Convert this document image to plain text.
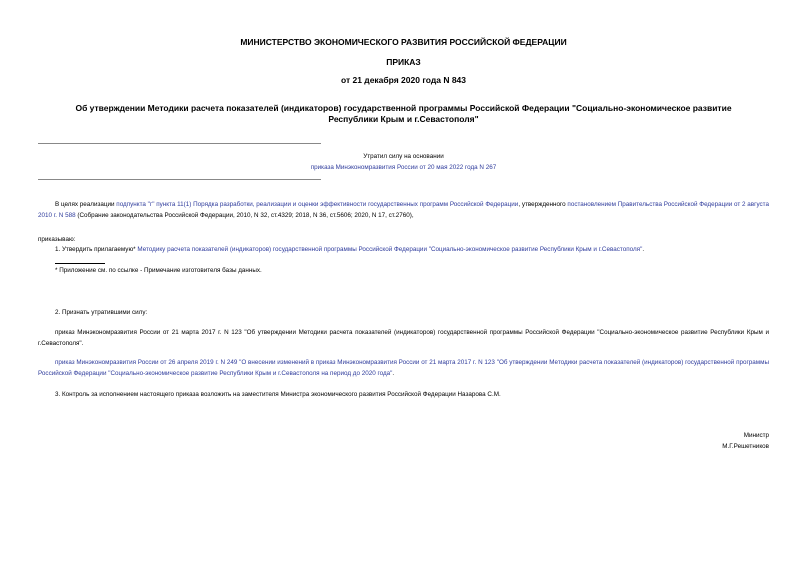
МИНИСТЕРСТВО ЭКОНОМИЧЕСКОГО РАЗВИТИЯ РОССИЙСКОЙ ФЕДЕРАЦИИ
ПРИКАЗ
от 21 декабря 2020 года N 843
Об утверждении Методики расчета показателей (индикаторов) государственной программы Российской Федерации "Социально-экономическое развитие
Республики Крым и г.Севастополя"
Утратил силу на основании
приказа Минэкономразвития России от 20 мая 2022 года N 267
В целях реализации подпункта "г" пункта 11(1) Порядка разработки, реализации и оценки эффективности государственных программ Российской Федерации, утвержденного постановлением Правительства Российской Федерации от 2 августа 2010 г. N 588 (Собрание законодательства Российской Федерации, 2010, N 32, ст.4329; 2018, N 36, ст.5606; 2020, N 17, ст.2760),
приказываю:
1. Утвердить прилагаемую* Методику расчета показателей (индикаторов) государственной программы Российской Федерации "Социально-экономическое развитие Республики Крым и г.Севастополя".
* Приложение см. по ссылке - Примечание изготовителя базы данных.
2. Признать утратившими силу:
приказ Минэкономразвития России от 21 марта 2017 г. N 123 "Об утверждении Методики расчета показателей (индикаторов) государственной программы Российской Федерации "Социально-экономическое развитие Республики Крым и г.Севастополя".
приказ Минэкономразвития России от 26 апреля 2019 г. N 249 "О внесении изменений в приказ Минэкономразвития России от 21 марта 2017 г. N 123 "Об утверждении Методики расчета показателей (индикаторов) государственной программы Российской Федерации "Социально-экономическое развитие Республики Крым и г.Севастополя на период до 2020 года".
3. Контроль за исполнением настоящего приказа возложить на заместителя Министра экономического развития Российской Федерации Назарова С.М.
Министр
М.Г.Решетников
